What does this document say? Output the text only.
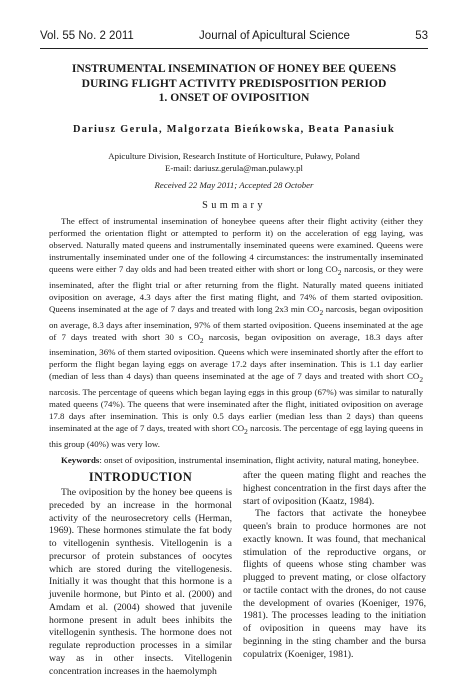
Vol. 55 No. 2 2011	Journal of Apicultural Science	53
INSTRUMENTAL INSEMINATION OF HONEY BEE QUEENS
DURING FLIGHT ACTIVITY PREDISPOSITION PERIOD
1. ONSET OF OVIPOSITION
Dariusz Gerula, Malgorzata Bieńkowska, Beata Panasiuk
Apiculture Division, Research Institute of Horticulture, Puławy, Poland
E-mail: dariusz.gerula@man.pulawy.pl
Received 22 May 2011; Accepted 28 October
Summary

The effect of instrumental insemination of honeybee queens after their flight activity (either they performed the orientation flight or attempted to perform it) on the acceleration of egg laying, was observed. Naturally mated queens and instrumentally inseminated queens were examined. Queens were instrumentally inseminated under one of the following 4 circumstances: the instrumentally inseminated queens were either 7 day olds and had been treated either with short or long $CO_2$ narcosis, or they were inseminated, after the flight trial or after returning from the flight. Naturally mated queens initiated oviposition on average, 4.3 days after the first mating flight, and 74% of them started oviposition. Queens inseminated at the age of 7 days and treated with long 2x3 $\min CO_2$ narcosis, began oviposition on average, 8.3 days after insemination, 97% of them started oviposition. Queens inseminated at the age of 7 days treated with short 30 s $CO_2$ narcosis, began oviposition on average, 18.3 days after insemination, 36% of them started oviposition. Queens which were inseminated shortly after the effort to perform the flight began laying eggs on average 17.2 days after insemination. This is 1.1 day earlier (median of less than 4 days) than queens inseminated at the age of 7 days and treated with short $CO_2$ narcosis. The percentage of queens which began laying eggs in this group (67%) was similar to naturally mated queens (74%). The queens that were inseminated after the flight, initiated oviposition on average 17.8 days after insemination. This is only 0.5 days earlier (median less than 2 days) than queens inseminated at the age of 7 days, treated with short $CO_2$ narcosis. The percentage of egg laying queens in this group (40%) was very low.

Keywords: onset of oviposition, instrumental insemination, flight activity, natural mating, honeybee.

INTRODUCTION

The oviposition by the honey bee queens is preceded by an increase in the hormonal activity of the neurosecretory cells (Herman, 1969). These hormones stimulate the fat body to vitellogenin synthesis. Vitellogenin is a precursor of protein substances of oocytes which are stored during the vitellogenesis. Initially it was thought that this hormone is a juvenile hormone, but Pinto et al. (2000) and Amdam et al. (2004) showed that juvenile hormone present in adult bees inhibits the vitellogenin synthesis. The hormone does not regulate reproduction processes in a similar way as in other insects. Vitellogenin concentration increases in the haemolymph

after the queen mating flight and reaches the highest concentration in the first days after the start of oviposition (Kaatz, 1984).

The factors that activate the honeybee queen's brain to produce hormones are not exactly known. It was found, that mechanical stimulation of the reproductive organs, or flights of queens whose sting chamber was plugged to prevent mating, or close olfactory or tactile contact with the drones, do not cause the development of ovaries (Koeniger, 1976, 1981). The processes leading to the initiation of oviposition in queens may have its beginning in the sting chamber and the bursa copulatrix (Koeniger, 1981).
